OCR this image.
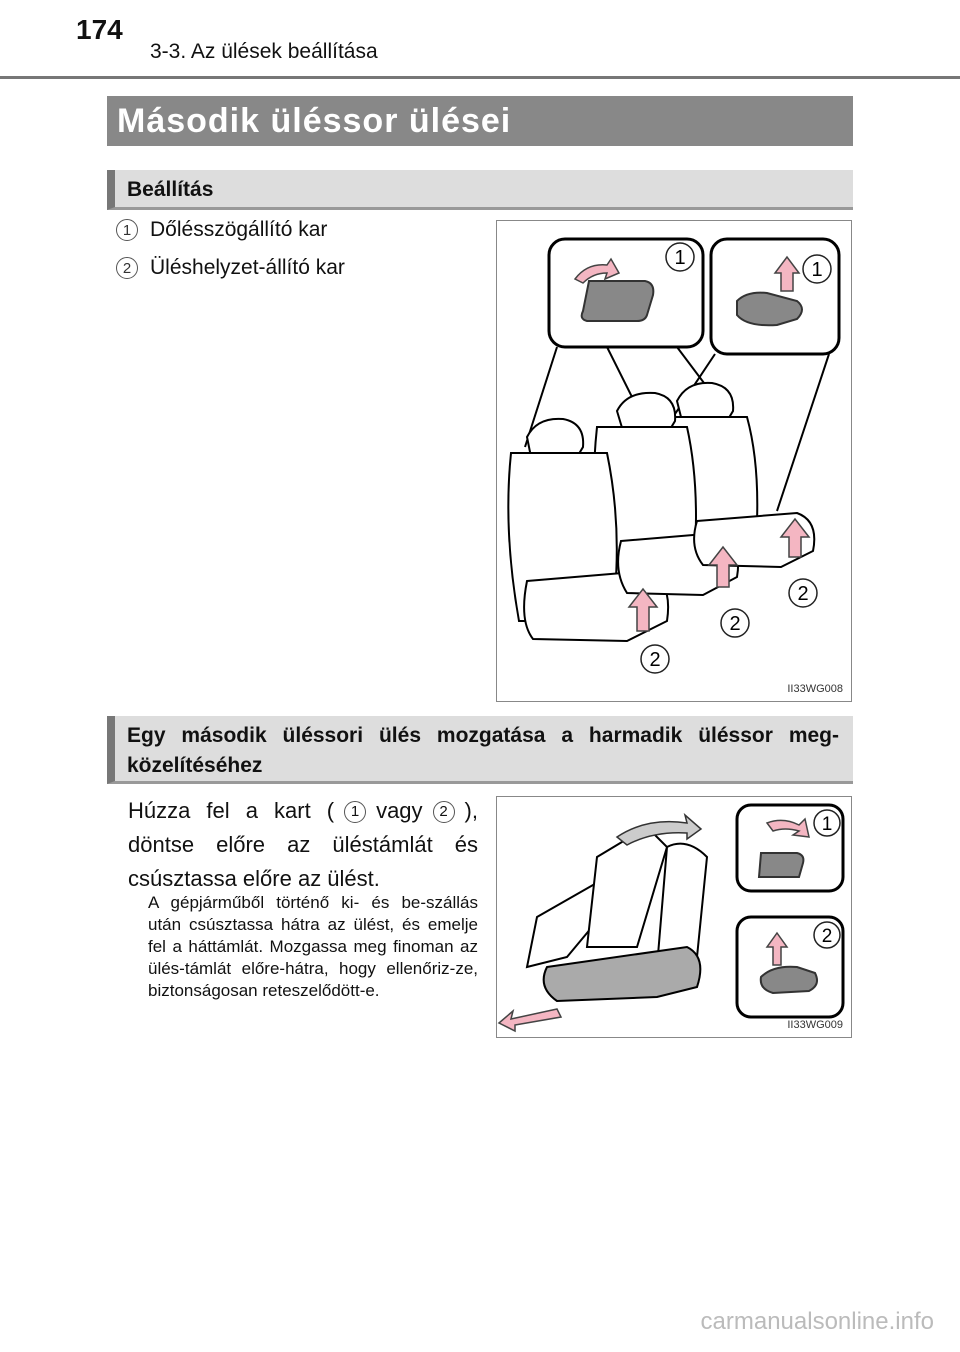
174
3-3. Az ülések beállítása
Második üléssor ülései
Beállítás
1 Dőlésszögállító kar
2 Üléshelyzet-állító kar	1
1
2
2
2
II33WG008
Egy második üléssori ülés mozgatása a harmadik üléssor meg-közelítéséhez
Húzza fel a kart ( 1 vagy 2 ), döntse előre az üléstámlát és csúsztassa előre az ülést.
A gépjárműből történő ki- és be-szállás után csúsztassa hátra az ülést, és emelje fel a háttámlát. Mozgassa meg finoman az ülés-támlát előre-hátra, hogy ellenőriz-ze, biztonságosan reteszelődött-e.
1
2
II33WG009
carmanualsonline.info
